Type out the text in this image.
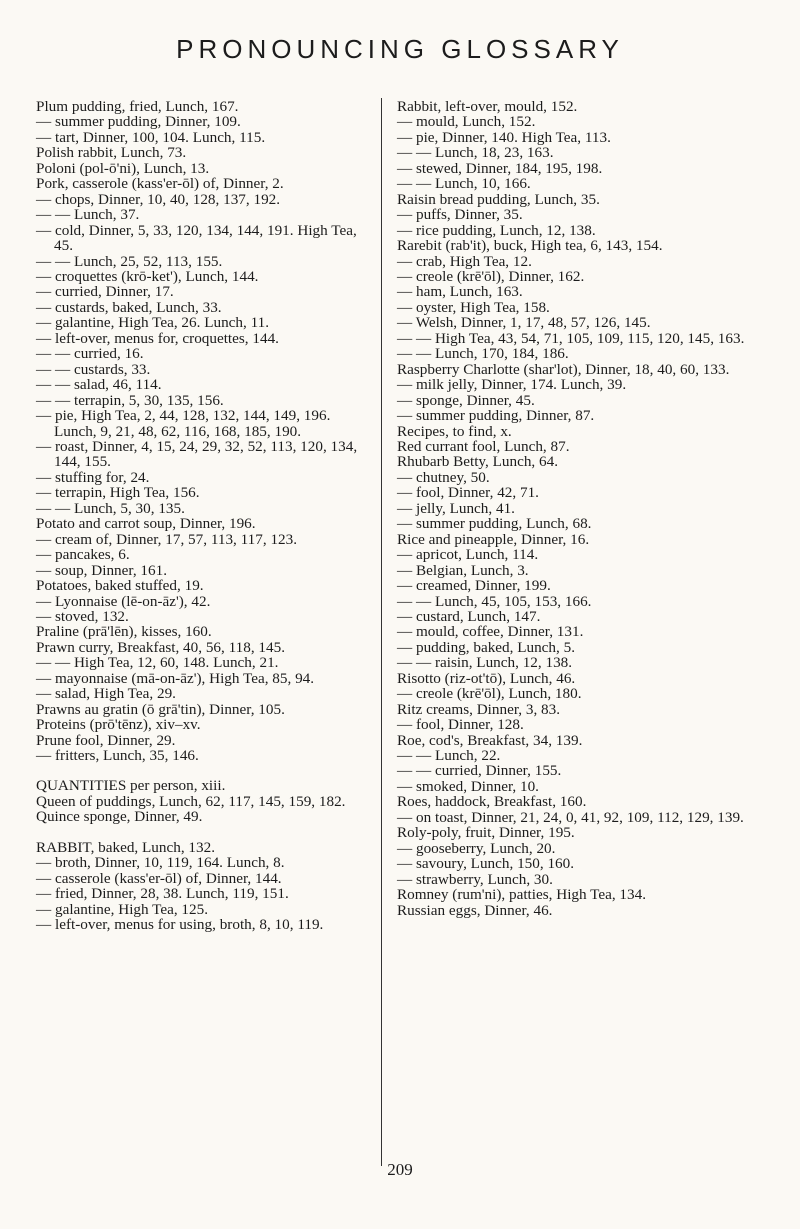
PRONOUNCING GLOSSARY
Plum pudding, fried, Lunch, 167.
— summer pudding, Dinner, 109.
— tart, Dinner, 100, 104. Lunch, 115.
Polish rabbit, Lunch, 73.
Poloni (pol-ō'ni), Lunch, 13.
Pork, casserole (kass'er-ōl) of, Dinner, 2.
— chops, Dinner, 10, 40, 128, 137, 192.
— — Lunch, 37.
— cold, Dinner, 5, 33, 120, 134, 144, 191. High Tea, 45.
— — Lunch, 25, 52, 113, 155.
— croquettes (krō-ket'), Lunch, 144.
— curried, Dinner, 17.
— custards, baked, Lunch, 33.
— galantine, High Tea, 26. Lunch, 11.
— left-over, menus for, croquettes, 144.
— — curried, 16.
— — custards, 33.
— — salad, 46, 114.
— — terrapin, 5, 30, 135, 156.
— pie, High Tea, 2, 44, 128, 132, 144, 149, 196. Lunch, 9, 21, 48, 62, 116, 168, 185, 190.
— roast, Dinner, 4, 15, 24, 29, 32, 52, 113, 120, 134, 144, 155.
— stuffing for, 24.
— terrapin, High Tea, 156.
— — Lunch, 5, 30, 135.
Potato and carrot soup, Dinner, 196.
— cream of, Dinner, 17, 57, 113, 117, 123.
— pancakes, 6.
— soup, Dinner, 161.
Potatoes, baked stuffed, 19.
— Lyonnaise (lē-on-āz'), 42.
— stoved, 132.
Praline (prā'lēn), kisses, 160.
Prawn curry, Breakfast, 40, 56, 118, 145.
— — High Tea, 12, 60, 148. Lunch, 21.
— mayonnaise (mā-on-āz'), High Tea, 85, 94.
— salad, High Tea, 29.
Prawns au gratin (ō grā'tin), Dinner, 105.
Proteins (prō'tēnz), xiv–xv.
Prune fool, Dinner, 29.
— fritters, Lunch, 35, 146.
QUANTITIES per person, xiii.
Queen of puddings, Lunch, 62, 117, 145, 159, 182.
Quince sponge, Dinner, 49.
RABBIT, baked, Lunch, 132.
— broth, Dinner, 10, 119, 164. Lunch, 8.
— casserole (kass'er-ōl) of, Dinner, 144.
— fried, Dinner, 28, 38. Lunch, 119, 151.
— galantine, High Tea, 125.
— left-over, menus for using, broth, 8, 10, 119.
Rabbit, left-over, mould, 152.
— mould, Lunch, 152.
— pie, Dinner, 140. High Tea, 113.
— — Lunch, 18, 23, 163.
— stewed, Dinner, 184, 195, 198.
— — Lunch, 10, 166.
Raisin bread pudding, Lunch, 35.
— puffs, Dinner, 35.
— rice pudding, Lunch, 12, 138.
Rarebit (rab'it), buck, High tea, 6, 143, 154.
— crab, High Tea, 12.
— creole (krē'ōl), Dinner, 162.
— ham, Lunch, 163.
— oyster, High Tea, 158.
— Welsh, Dinner, 1, 17, 48, 57, 126, 145.
— — High Tea, 43, 54, 71, 105, 109, 115, 120, 145, 163.
— — Lunch, 170, 184, 186.
Raspberry Charlotte (shar'lot), Dinner, 18, 40, 60, 133.
— milk jelly, Dinner, 174. Lunch, 39.
— sponge, Dinner, 45.
— summer pudding, Dinner, 87.
Recipes, to find, x.
Red currant fool, Lunch, 87.
Rhubarb Betty, Lunch, 64.
— chutney, 50.
— fool, Dinner, 42, 71.
— jelly, Lunch, 41.
— summer pudding, Lunch, 68.
Rice and pineapple, Dinner, 16.
— apricot, Lunch, 114.
— Belgian, Lunch, 3.
— creamed, Dinner, 199.
— — Lunch, 45, 105, 153, 166.
— custard, Lunch, 147.
— mould, coffee, Dinner, 131.
— pudding, baked, Lunch, 5.
— — raisin, Lunch, 12, 138.
Risotto (riz-ot'tō), Lunch, 46.
— creole (krē'ōl), Lunch, 180.
Ritz creams, Dinner, 3, 83.
— fool, Dinner, 128.
Roe, cod's, Breakfast, 34, 139.
— — Lunch, 22.
— — curried, Dinner, 155.
— smoked, Dinner, 10.
Roes, haddock, Breakfast, 160.
— on toast, Dinner, 21, 24, 0, 41, 92, 109, 112, 129, 139.
Roly-poly, fruit, Dinner, 195.
— gooseberry, Lunch, 20.
— savoury, Lunch, 150, 160.
— strawberry, Lunch, 30.
Romney (rum'ni), patties, High Tea, 134.
Russian eggs, Dinner, 46.
209
